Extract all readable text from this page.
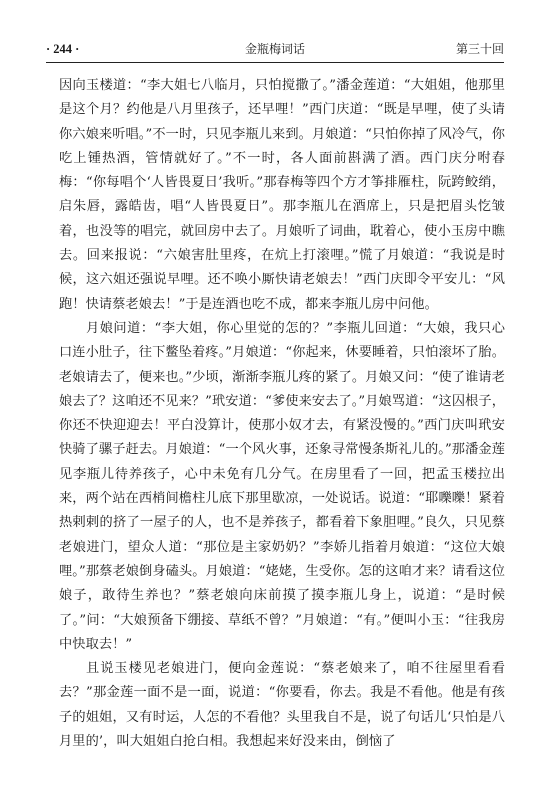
· 244 ·	金瓶梅词话	第三十回

因向玉楼道：“李大姐七八临月，只怕搅撒了。”潘金莲道：“大姐姐，他那里是这个月？约他是八月里孩子，还早哩！”西门庆道：“既是早哩，使了头请你六娘来听唱。”不一时，只见李瓶儿来到。月娘道：“只怕你掉了风冷气，你吃上锺热酒，管情就好了。”不一时，各人面前斟满了酒。西门庆分咐春梅：“你每唱个‘人皆畏夏日’我听。”那春梅等四个方才筝排雁柱，阮跨鲛绡，启朱唇，露皓齿，唱“人皆畏夏日”。那李瓶儿在酒席上，只是把眉头忔皱着，也没等的唱完，就回房中去了。月娘听了词曲，耽着心，使小玉房中瞧去。回来报说：“六娘害肚里疼，在炕上打滚哩。”慌了月娘道：“我说是时候，这六姐还强说早哩。还不唤小厮快请老娘去！”西门庆即令平安儿：“风跑！快请蔡老娘去！”于是连酒也吃不成，都来李瓶儿房中问他。

月娘问道：“李大姐，你心里觉的怎的？”李瓶儿回道：“大娘，我只心口连小肚子，往下鳖坠着疼。”月娘道：“你起来，休要睡着，只怕滚坏了胎。老娘请去了，便来也。”少顷，渐渐李瓶儿疼的紧了。月娘又问：“使了谁请老娘去了？这咱还不见来？”玳安道：“爹使来安去了。”月娘骂道：“这囚根子，你还不快迎迎去！平白没算计，使那小奴才去，有紧没慢的。”西门庆叫玳安快骑了骡子赶去。月娘道：“一个风火事，还象寻常慢条斯礼儿的。”那潘金莲见李瓶儿待养孩子，心中未免有几分气。在房里看了一回，把孟玉楼拉出来，两个站在西梢间檐柱儿底下那里歇凉，一处说话。说道：“耶嚛嚛！紧着热剌剌的挤了一屋子的人，也不是养孩子，都看着下象胆哩。”良久，只见蔡老娘进门，望众人道：“那位是主家奶奶？”李娇儿指着月娘道：“这位大娘哩。”那蔡老娘倒身磕头。月娘道：“姥姥，生受你。怎的这咱才来？请看这位娘子，敢待生养也？”蔡老娘向床前摸了摸李瓶儿身上，说道：“是时候了。”问：“大娘预备下绷接、草纸不曾？”月娘道：“有。”便叫小玉：“往我房中快取去！”

且说玉楼见老娘进门，便向金莲说：“蔡老娘来了，咱不往屋里看看去？”那金莲一面不是一面，说道：“你要看，你去。我是不看他。他是有孩子的姐姐，又有时运，人怎的不看他？头里我自不是，说了句话儿‘只怕是八月里的’，叫大姐姐白抢白相。我想起来好没来由，倒恼了
